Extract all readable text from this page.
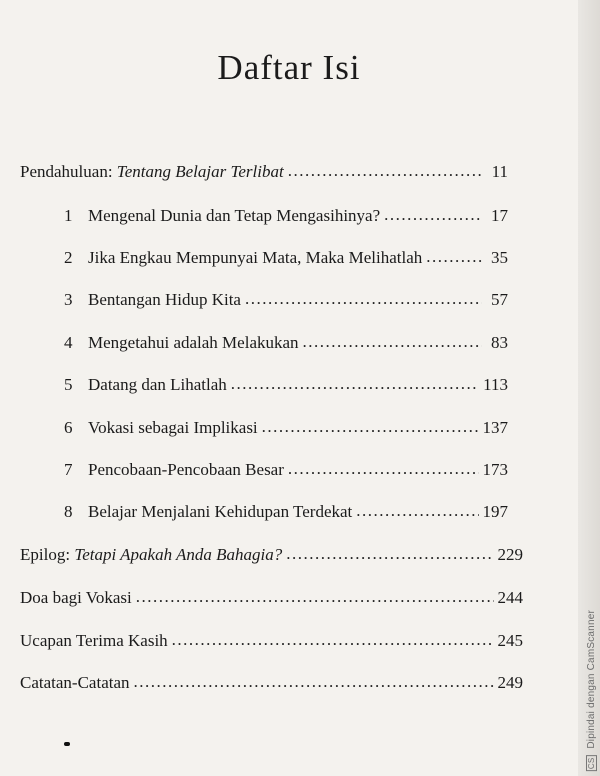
CS Dipindai dengan CamScanner
Daftar Isi
Pendahuluan: Tentang Belajar Terlibat .....	11
1 Mengenal Dunia dan Tetap Mengasihinya? .....	17
2 Jika Engkau Mempunyai Mata, Maka Melihatlah .....	35
3 Bentangan Hidup Kita .....	57
4 Mengetahui adalah Melakukan .....	83
5 Datang dan Lihatlah .....	113
6 Vokasi sebagai Implikasi .....	137
7 Pencobaan-Pencobaan Besar .....	173
8 Belajar Menjalani Kehidupan Terdekat .....	197
Epilog: Tetapi Apakah Anda Bahagia? .....	229
Doa bagi Vokasi .....	244
Ucapan Terima Kasih .....	245
Catatan-Catatan .....	249
